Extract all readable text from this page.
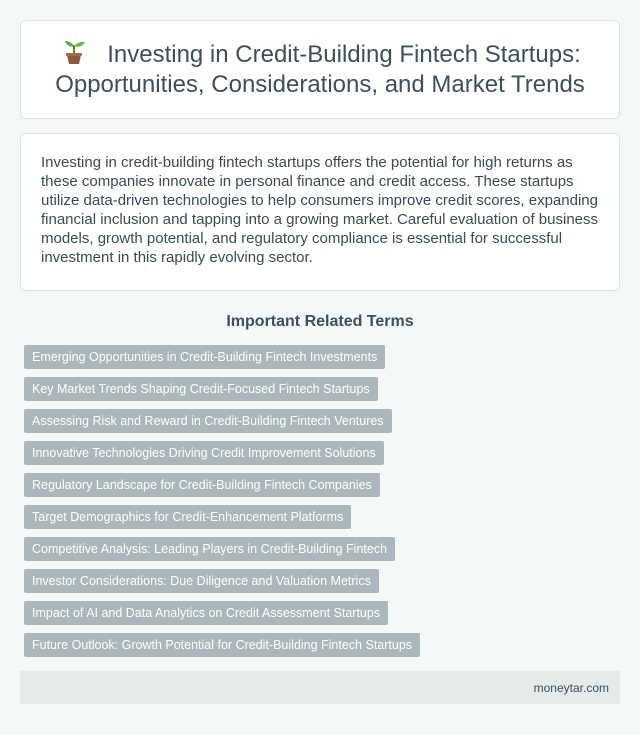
Investing in Credit-Building Fintech Startups: Opportunities, Considerations, and Market Trends

Investing in credit-building fintech startups offers the potential for high returns as these companies innovate in personal finance and credit access. These startups utilize data-driven technologies to help consumers improve credit scores, expanding financial inclusion and tapping into a growing market. Careful evaluation of business models, growth potential, and regulatory compliance is essential for successful investment in this rapidly evolving sector.

Important Related Terms
Emerging Opportunities in Credit-Building Fintech Investments
Key Market Trends Shaping Credit-Focused Fintech Startups
Assessing Risk and Reward in Credit-Building Fintech Ventures
Innovative Technologies Driving Credit Improvement Solutions
Regulatory Landscape for Credit-Building Fintech Companies
Target Demographics for Credit-Enhancement Platforms
Competitive Analysis: Leading Players in Credit-Building Fintech
Investor Considerations: Due Diligence and Valuation Metrics
Impact of AI and Data Analytics on Credit Assessment Startups
Future Outlook: Growth Potential for Credit-Building Fintech Startups
moneytar.com
